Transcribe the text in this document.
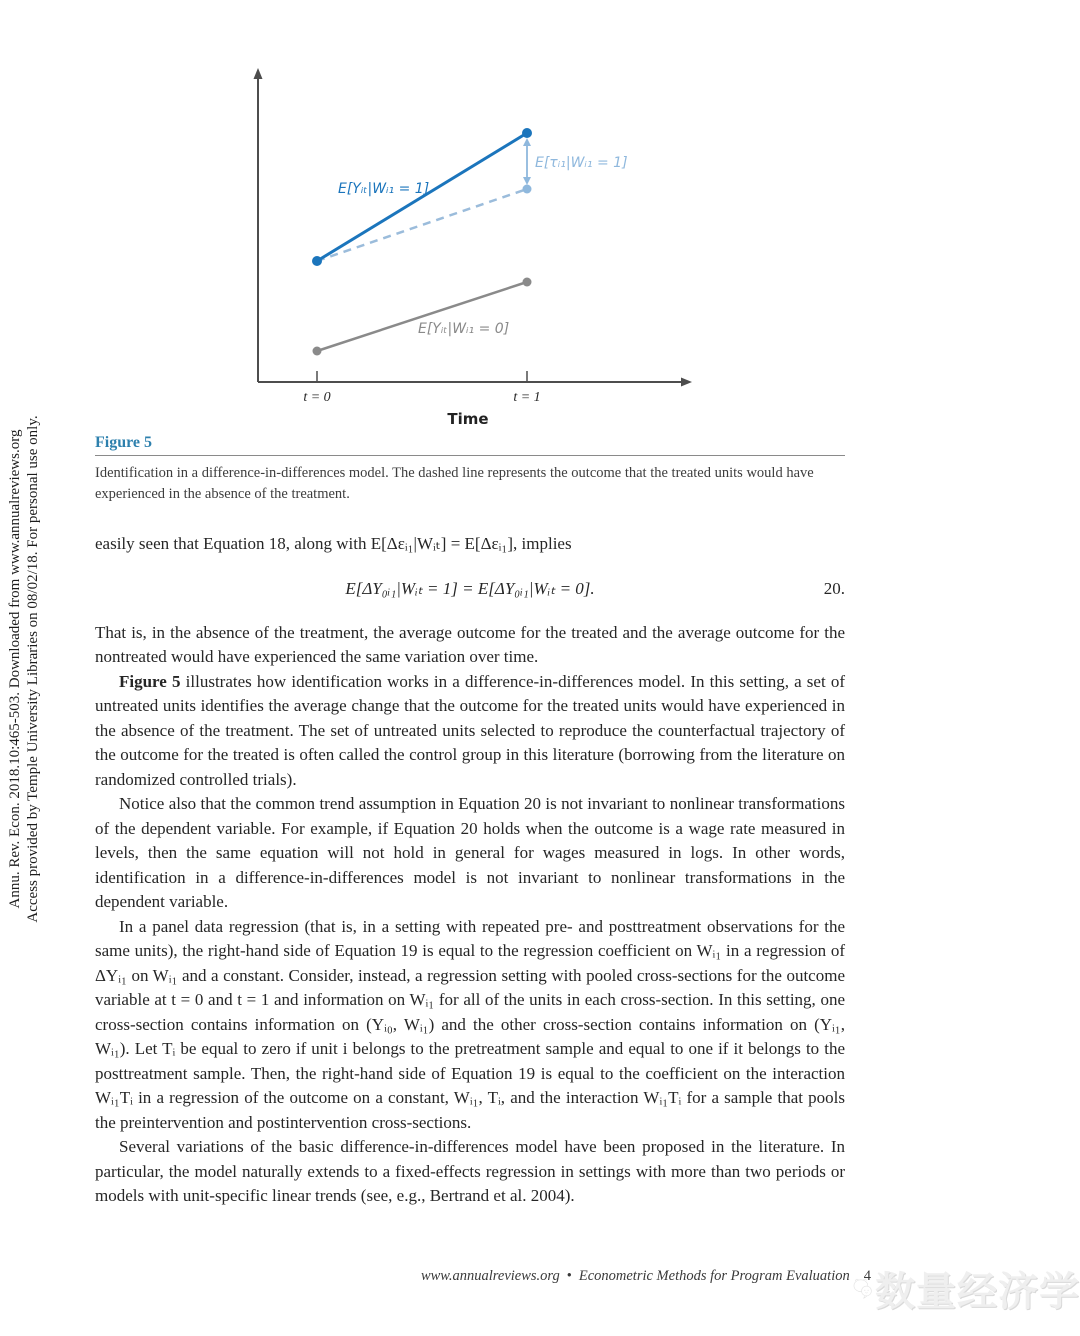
Annu. Rev. Econ. 2018.10:465-503. Downloaded from www.annualreviews.org Access provided by Temple University Libraries on 08/02/18. For personal use only.
E[Yᵢₜ|Wᵢ₁ = 1]
E[τᵢ₁|Wᵢ₁ = 1]
E[Yᵢₜ|Wᵢ₁ = 0]
t = 0	t = 1
Time
Figure 5
Identification in a difference-in-differences model. The dashed line represents the outcome that the treated units would have experienced in the absence of the treatment.

easily seen that Equation 18, along with E[Δεᵢ₁|Wᵢₜ] = E[Δεᵢ₁], implies

E[ΔY₀ᵢ₁|Wᵢₜ = 1] = E[ΔY₀ᵢ₁|Wᵢₜ = 0].	20.

That is, in the absence of the treatment, the average outcome for the treated and the average outcome for the nontreated would have experienced the same variation over time.

Figure 5 illustrates how identification works in a difference-in-differences model. In this setting, a set of untreated units identifies the average change that the outcome for the treated units would have experienced in the absence of the treatment. The set of untreated units selected to reproduce the counterfactual trajectory of the outcome for the treated is often called the control group in this literature (borrowing from the literature on randomized controlled trials).

Notice also that the common trend assumption in Equation 20 is not invariant to nonlinear transformations of the dependent variable. For example, if Equation 20 holds when the outcome is a wage rate measured in levels, then the same equation will not hold in general for wages measured in logs. In other words, identification in a difference-in-differences model is not invariant to nonlinear transformations in the dependent variable.

In a panel data regression (that is, in a setting with repeated pre- and posttreatment observations for the same units), the right-hand side of Equation 19 is equal to the regression coefficient on Wᵢ₁ in a regression of ΔYᵢ₁ on Wᵢ₁ and a constant. Consider, instead, a regression setting with pooled cross-sections for the outcome variable at t = 0 and t = 1 and information on Wᵢ₁ for all of the units in each cross-section. In this setting, one cross-section contains information on (Yᵢ₀, Wᵢ₁) and the other cross-section contains information on (Yᵢ₁, Wᵢ₁). Let Tᵢ be equal to zero if unit i belongs to the pretreatment sample and equal to one if it belongs to the posttreatment sample. Then, the right-hand side of Equation 19 is equal to the coefficient on the interaction Wᵢ₁Tᵢ in a regression of the outcome on a constant, Wᵢ₁, Tᵢ, and the interaction Wᵢ₁Tᵢ for a sample that pools the preintervention and postintervention cross-sections.

Several variations of the basic difference-in-differences model have been proposed in the literature. In particular, the model naturally extends to a fixed-effects regression in settings with more than two periods or models with unit-specific linear trends (see, e.g., Bertrand et al. 2004).

www.annualreviews.org • Econometric Methods for Program Evaluation 4 数量经济学
